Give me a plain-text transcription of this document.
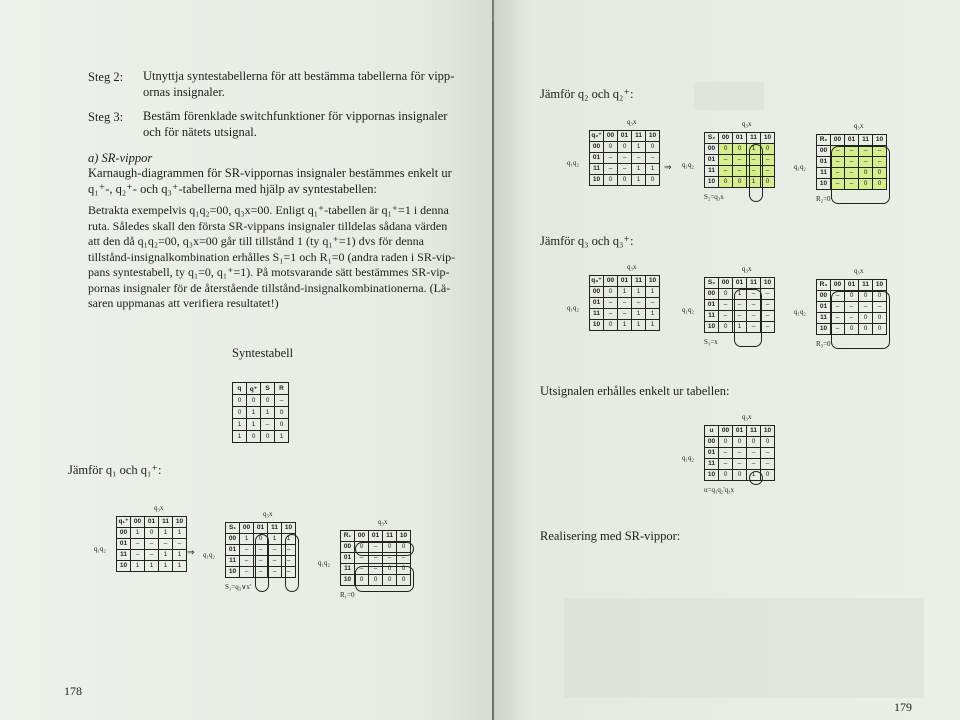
Steg 2: Utnyttja syntestabellerna för att bestämma tabellerna för vippornas insignaler.
Steg 3: Bestäm förenklade switchfunktioner för vippornas insignaler och för nätets utsignal.
a) SR-vippor
Karnaugh-diagrammen för SR-vippornas insignaler bestämmes enkelt ur
q₁⁺-, q₂⁺- och q₃⁺-tabellerna med hjälp av syntestabellen:
Betrakta exempelvis q₁q₂=00, q₃x=00. Enligt q₁⁺-tabellen är q₁⁺=1 i denna
ruta. Således skall den första SR-vippans insignaler tilldelas sådana värden
att den då q₁q₂=00, q₃x=00 går till tillstånd 1 (ty q₁⁺=1) dvs för denna
tillstånd-insignalkombination erhålles S₁=1 och R₁=0 (andra raden i SR-vip-
pans syntestabell, ty q₁=0, q₁⁺=1). På motsvarande sätt bestämmes SR-vip-
pornas insignaler för de återstående tillstånd-insignalkombinationerna. (Lä-
saren uppmanas att verifiera resultatet!)
Syntestabell
q	q⁺	S	R
0	0	0	–
0	1	1	0
1	1	–	0
1	0	0	1
Jämför q₁ och q₁⁺:
q₃x
q₁q₂
q₁⁺	00	01	11	10
00	1	0	1	1
01	–	–	–	–
11	–	–	1	1
10	1	1	1	1
⇒
q₃x
q₁q₂
S₁	00	01	11	10
00	1	0	1	1
01	–	–	–	–
11	–	–	–	–
10	–	–	–	–
S₁=q₃∨x'
q₃x
q₁q₂
R₁	00	01	11	10
00	0	–	0	0
01	–	–	–	–
11	–	–	0	0
10	0	0	0	0
R₁=0
178
Jämför q₂ och q₂⁺:
q₃x
q₁q₂
q₂⁺	00	01	11	10
00	0	0	1	0
01	–	–	–	–
11	–	–	1	1
10	0	0	1	0
⇒
q₃x
q₁q₂
S₂	00	01	11	10
00	0	0	1	0
01	–	–	–	–
11	–	–	–	–
10	0	0	1	0
S₂=q₃x
q₃x
q₁q₂
R₂	00	01	11	10
00	–	–	–	–
01	–	–	–	–
11	–	–	0	0
10	–	–	0	0
R₂=0
Jämför q₃ och q₃⁺:
q₃x
q₁q₂
q₃⁺	00	01	11	10
00	0	1	1	1
01	–	–	–	–
11	–	–	1	1
10	0	1	1	1
q₃x
q₁q₂
S₃	00	01	11	10
00	0	1	–	–
01	–	–	–	–
11	–	–	–	–
10	0	1	–	–
S₃=x
q₃x
q₁q₂
R₃	00	01	11	10
00	–	0	0	0
01	–	–	–	–
11	–	–	0	0
10	–	0	0	0
R₃=0
Utsignalen erhålles enkelt ur tabellen:
q₃x
q₁q₂
u	00	01	11	10
00	0	0	0	0
01	–	–	–	–
11	–	–	–	–
10	0	0	1	0
u=q₁q₂'q₃x
Realisering med SR-vippor:
179
